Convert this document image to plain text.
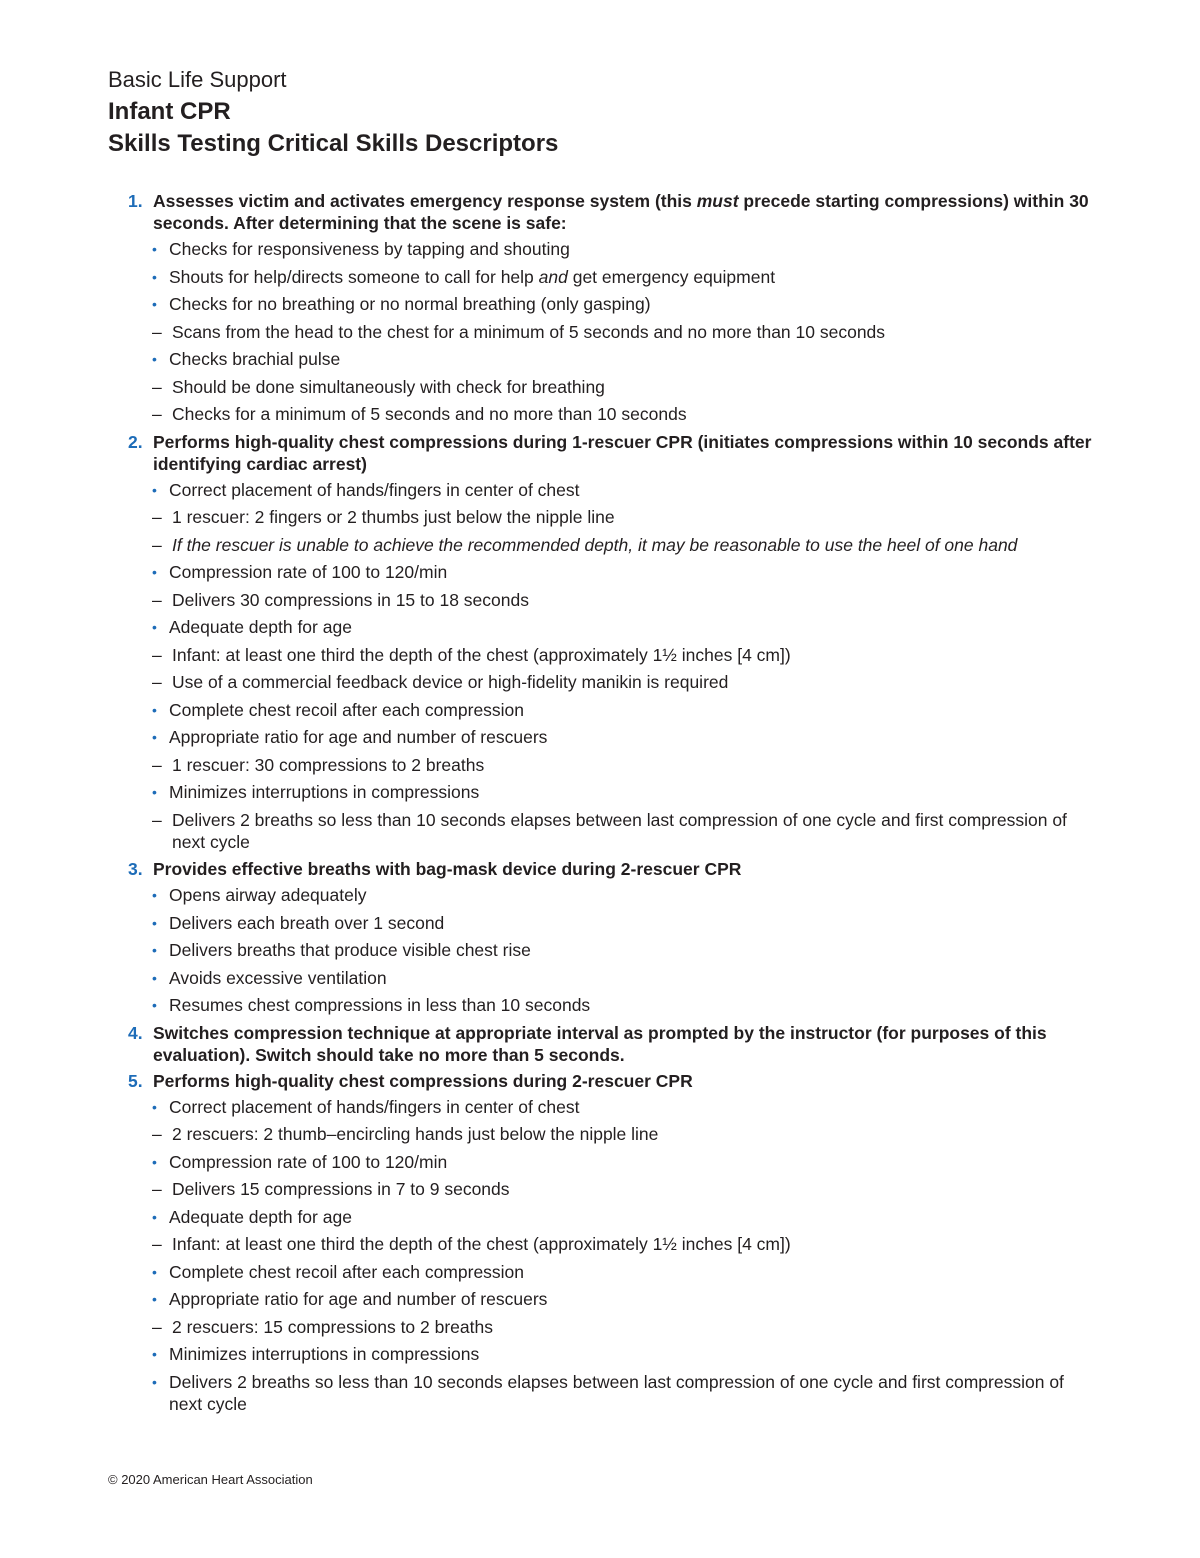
Basic Life Support
Infant CPR
Skills Testing Critical Skills Descriptors
1. Assesses victim and activates emergency response system (this must precede starting compressions) within 30 seconds. After determining that the scene is safe:
• Checks for responsiveness by tapping and shouting
• Shouts for help/directs someone to call for help and get emergency equipment
• Checks for no breathing or no normal breathing (only gasping)
– Scans from the head to the chest for a minimum of 5 seconds and no more than 10 seconds
• Checks brachial pulse
– Should be done simultaneously with check for breathing
– Checks for a minimum of 5 seconds and no more than 10 seconds
2. Performs high-quality chest compressions during 1-rescuer CPR (initiates compressions within 10 seconds after identifying cardiac arrest)
• Correct placement of hands/fingers in center of chest
– 1 rescuer: 2 fingers or 2 thumbs just below the nipple line
– If the rescuer is unable to achieve the recommended depth, it may be reasonable to use the heel of one hand
• Compression rate of 100 to 120/min
– Delivers 30 compressions in 15 to 18 seconds
• Adequate depth for age
– Infant: at least one third the depth of the chest (approximately 1½ inches [4 cm])
– Use of a commercial feedback device or high-fidelity manikin is required
• Complete chest recoil after each compression
• Appropriate ratio for age and number of rescuers
– 1 rescuer: 30 compressions to 2 breaths
• Minimizes interruptions in compressions
– Delivers 2 breaths so less than 10 seconds elapses between last compression of one cycle and first compression of next cycle
3. Provides effective breaths with bag-mask device during 2-rescuer CPR
• Opens airway adequately
• Delivers each breath over 1 second
• Delivers breaths that produce visible chest rise
• Avoids excessive ventilation
• Resumes chest compressions in less than 10 seconds
4. Switches compression technique at appropriate interval as prompted by the instructor (for purposes of this evaluation). Switch should take no more than 5 seconds.
5. Performs high-quality chest compressions during 2-rescuer CPR
• Correct placement of hands/fingers in center of chest
– 2 rescuers: 2 thumb–encircling hands just below the nipple line
• Compression rate of 100 to 120/min
– Delivers 15 compressions in 7 to 9 seconds
• Adequate depth for age
– Infant: at least one third the depth of the chest (approximately 1½ inches [4 cm])
• Complete chest recoil after each compression
• Appropriate ratio for age and number of rescuers
– 2 rescuers: 15 compressions to 2 breaths
• Minimizes interruptions in compressions
• Delivers 2 breaths so less than 10 seconds elapses between last compression of one cycle and first compression of next cycle
© 2020 American Heart Association
